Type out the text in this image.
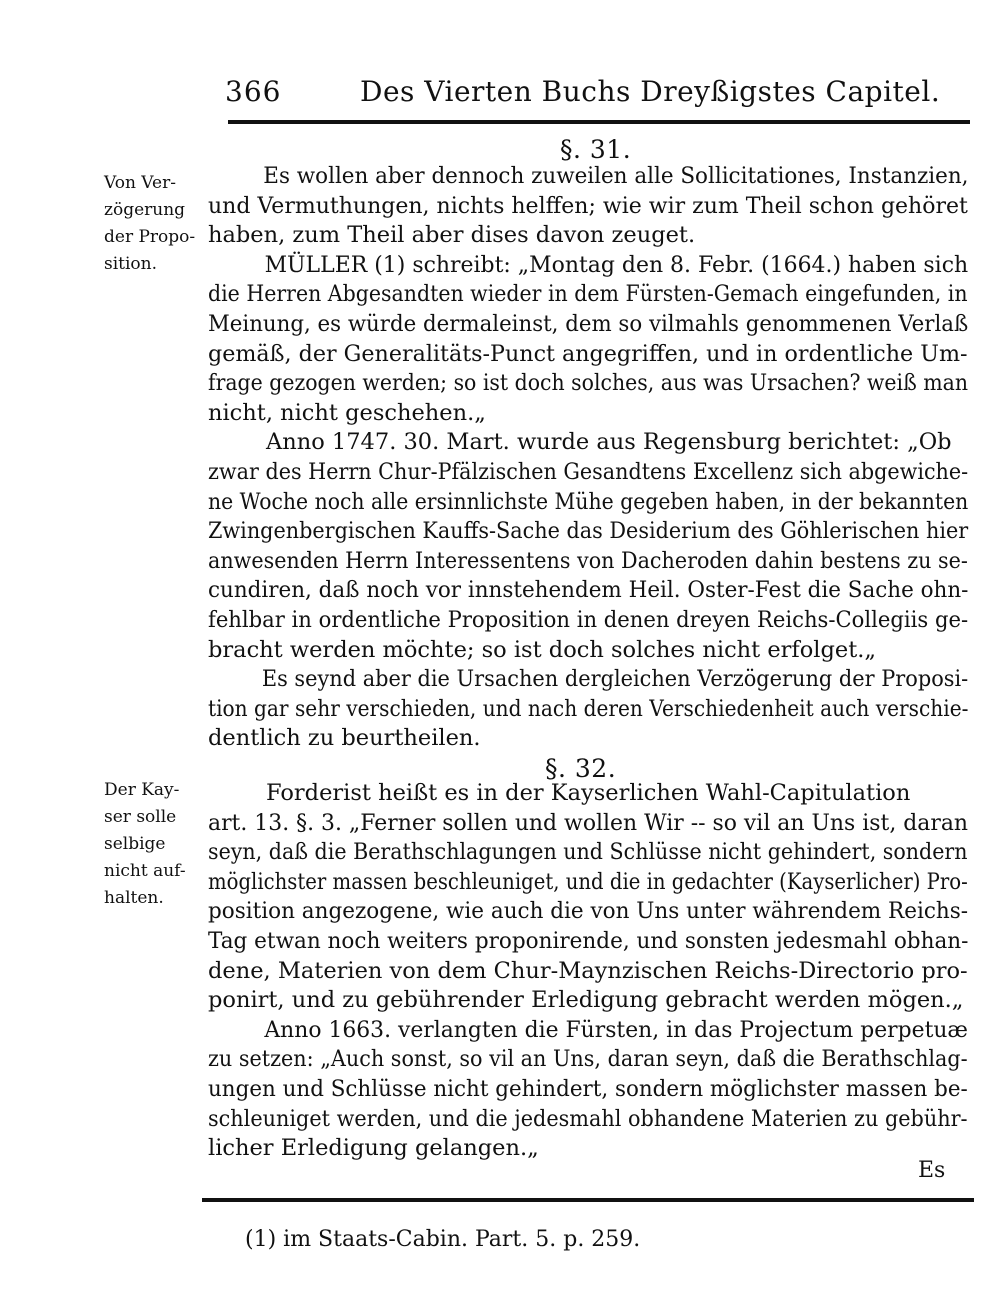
366	Des Vierten Buchs Dreyßigstes Capitel.
§. 31.
Von Ver-
zögerung
der Propo-
sition.
Es wollen aber dennoch zuweilen alle Sollicitationes, Instanzien,
und Vermuthungen, nichts helffen; wie wir zum Theil schon gehöret
haben, zum Theil aber dises davon zeuget.
MÜLLER (1) schreibt: „Montag den 8. Febr. (1664.) haben sich
die Herren Abgesandten wieder in dem Fürsten-Gemach eingefunden, in
Meinung, es würde dermaleinst, dem so vilmahls genommenen Verlaß
gemäß, der Generalitäts-Punct angegriffen, und in ordentliche Um-
frage gezogen werden; so ist doch solches, aus was Ursachen? weiß man
nicht, nicht geschehen.„
Anno 1747. 30. Mart. wurde aus Regensburg berichtet: „Ob
zwar des Herrn Chur-Pfälzischen Gesandtens Excellenz sich abgewiche-
ne Woche noch alle ersinnlichste Mühe gegeben haben, in der bekannten
Zwingenbergischen Kauffs-Sache das Desiderium des Göhlerischen hier
anwesenden Herrn Interessentens von Dacheroden dahin bestens zu se-
cundiren, daß noch vor innstehendem Heil. Oster-Fest die Sache ohn-
fehlbar in ordentliche Proposition in denen dreyen Reichs-Collegiis ge-
bracht werden möchte; so ist doch solches nicht erfolget.„
Es seynd aber die Ursachen dergleichen Verzögerung der Proposi-
tion gar sehr verschieden, und nach deren Verschiedenheit auch verschie-
dentlich zu beurtheilen.
§. 32.
Der Kay-
ser solle
selbige
nicht auf-
halten.
Forderist heißt es in der Kayserlichen Wahl-Capitulation
art. 13. §. 3. „Ferner sollen und wollen Wir -- so vil an Uns ist, daran
seyn, daß die Berathschlagungen und Schlüsse nicht gehindert, sondern
möglichster massen beschleuniget, und die in gedachter (Kayserlicher) Pro-
position angezogene, wie auch die von Uns unter währendem Reichs-
Tag etwan noch weiters proponirende, und sonsten jedesmahl obhan-
dene, Materien von dem Chur-Maynzischen Reichs-Directorio pro-
ponirt, und zu gebührender Erledigung gebracht werden mögen.„
Anno 1663. verlangten die Fürsten, in das Projectum perpetuæ
zu setzen: „Auch sonst, so vil an Uns, daran seyn, daß die Berathschlag-
ungen und Schlüsse nicht gehindert, sondern möglichster massen be-
schleuniget werden, und die jedesmahl obhandene Materien zu gebühr-
licher Erledigung gelangen.„
Es
(1) im Staats-Cabin. Part. 5. p. 259.
